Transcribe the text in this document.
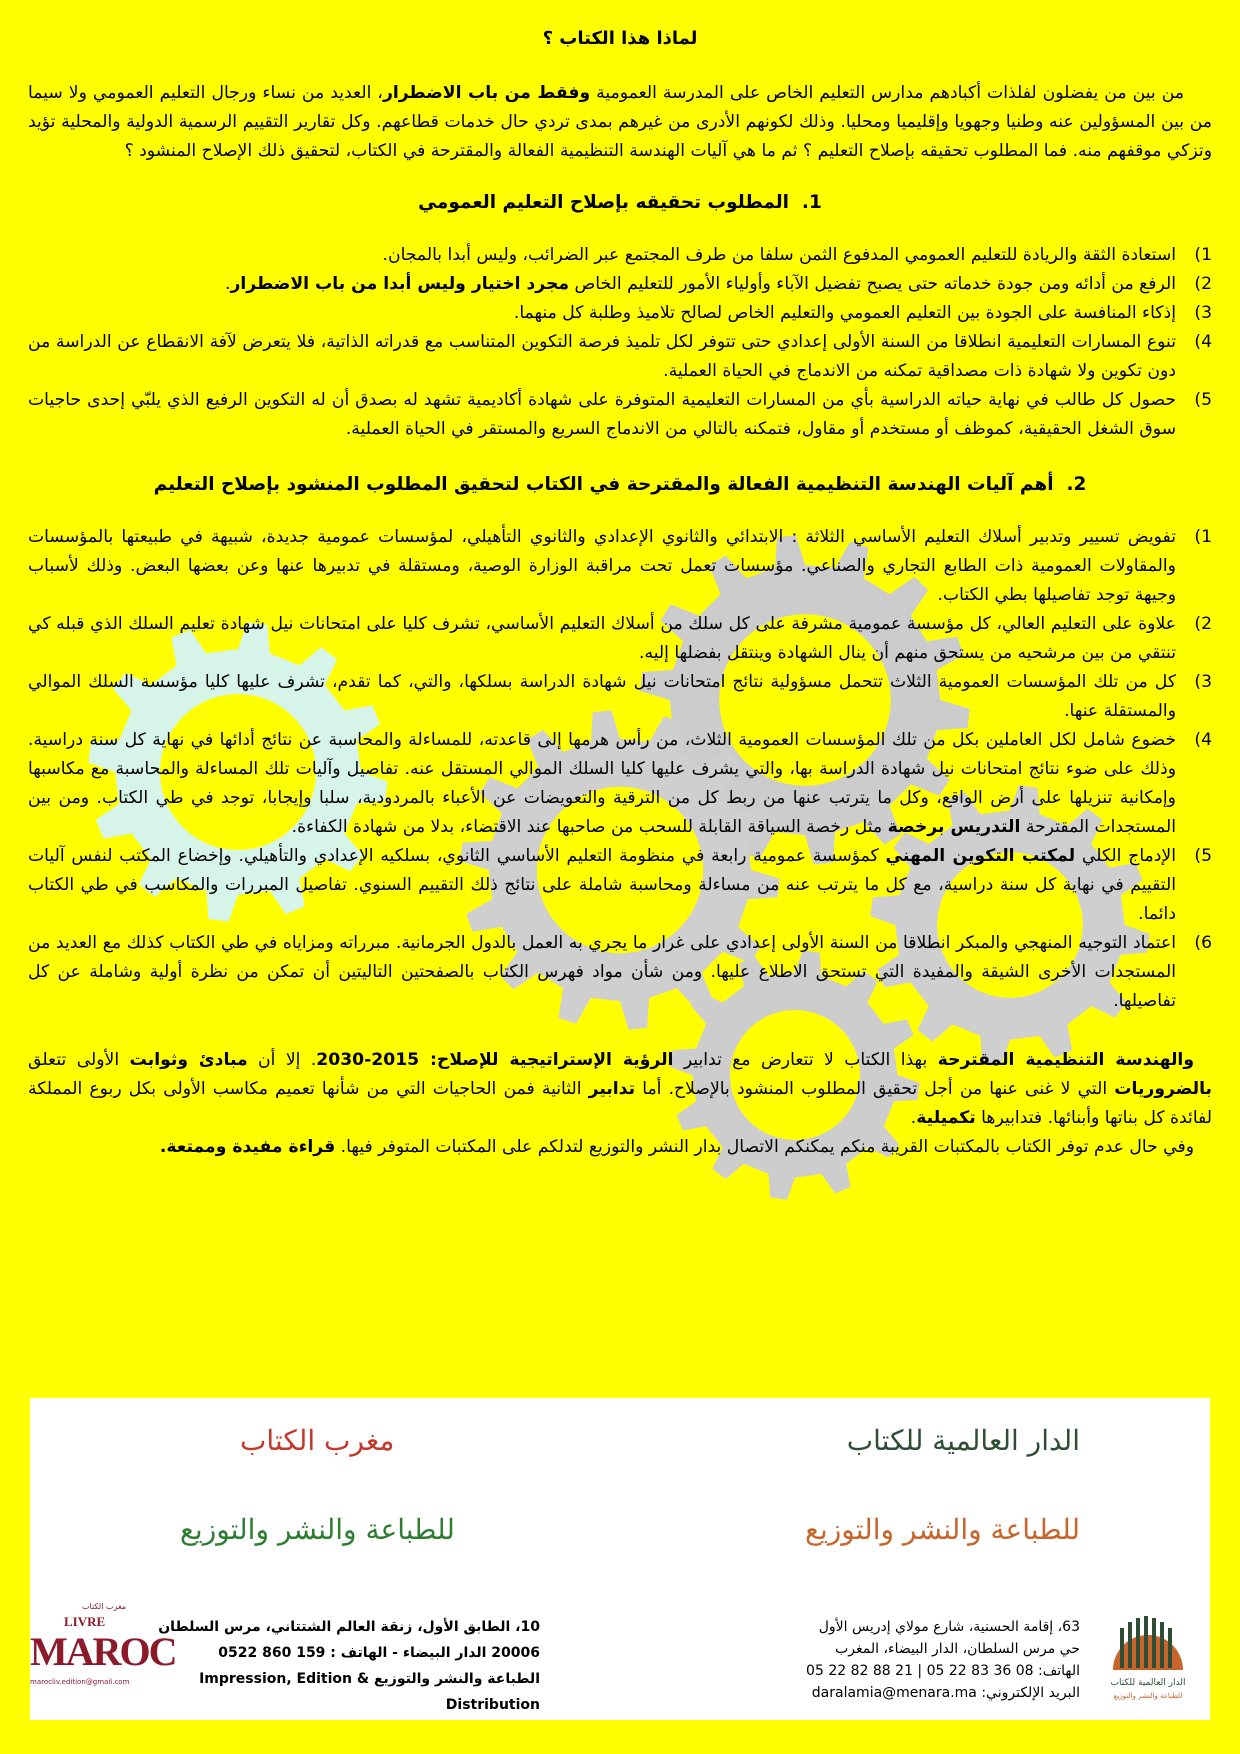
لماذا هذا الكتاب ؟

من بين من يفضلون لفلذات أكبادهم مدارس التعليم الخاص على المدرسة العمومية وفقط من باب الاضطرار، العديد من نساء ورجال التعليم العمومي ولا سيما من بين المسؤولين عنه وطنيا وجهويا وإقليميا ومحليا. وذلك لكونهم الأدرى من غيرهم بمدى تردي حال خدمات قطاعهم. وكل تقارير التقييم الرسمية الدولية والمحلية تؤيد وتزكي موقفهم منه. فما المطلوب تحقيقه بإصلاح التعليم ؟ ثم ما هي آليات الهندسة التنظيمية الفعالة والمقترحة في الكتاب، لتحقيق ذلك الإصلاح المنشود ؟

1.  المطلوب تحقيقه بإصلاح التعليم العمومي

1)
استعادة الثقة والريادة للتعليم العمومي المدفوع الثمن سلفا من طرف المجتمع عبر الضرائب، وليس أبدا بالمجان.
2)
الرفع من أدائه ومن جودة خدماته حتى يصبح تفضيل الآباء وأولياء الأمور للتعليم الخاص مجرد اختيار وليس أبدا من باب الاضطرار.
3)
إذكاء المنافسة على الجودة بين التعليم العمومي والتعليم الخاص لصالح تلاميذ وطلبة كل منهما.
4)
تنوع المسارات التعليمية انطلاقا من السنة الأولى إعدادي حتى تتوفر لكل تلميذ فرصة التكوين المتناسب مع قدراته الذاتية، فلا يتعرض لآفة الانقطاع عن الدراسة من دون تكوين ولا شهادة ذات مصداقية تمكنه من الاندماج في الحياة العملية.
5)
حصول كل طالب في نهاية حياته الدراسية بأي من المسارات التعليمية المتوفرة على شهادة أكاديمية تشهد له بصدق أن له التكوين الرفيع الذي يلبّي إحدى حاجيات سوق الشغل الحقيقية، كموظف أو مستخدم أو مقاول، فتمكنه بالتالي من الاندماج السريع والمستقر في الحياة العملية.

2.  أهم آليات الهندسة التنظيمية الفعالة والمقترحة في الكتاب لتحقيق المطلوب المنشود بإصلاح التعليم

1)
تفويض تسيير وتدبير أسلاك التعليم الأساسي الثلاثة : الابتدائي والثانوي الإعدادي والثانوي التأهيلي، لمؤسسات عمومية جديدة، شبيهة في طبيعتها بالمؤسسات والمقاولات العمومية ذات الطابع التجاري والصناعي. مؤسسات تعمل تحت مراقبة الوزارة الوصية، ومستقلة في تدبيرها عنها وعن بعضها البعض. وذلك لأسباب وجيهة توجد تفاصيلها بطي الكتاب.
2)
علاوة على التعليم العالي، كل مؤسسة عمومية مشرفة على كل سلك من أسلاك التعليم الأساسي، تشرف كليا على امتحانات نيل شهادة تعليم السلك الذي قبله كي تنتقي من بين مرشحيه من يستحق منهم أن ينال الشهادة وينتقل بفضلها إليه.
3)
كل من تلك المؤسسات العمومية الثلاث تتحمل مسؤولية نتائج امتحانات نيل شهادة الدراسة بسلكها، والتي، كما تقدم، تشرف عليها كليا مؤسسة السلك الموالي والمستقلة عنها.
4)
خضوع شامل لكل العاملين بكل من تلك المؤسسات العمومية الثلاث، من رأس هرمها إلى قاعدته، للمساءلة والمحاسبة عن نتائج أدائها في نهاية كل سنة دراسية. وذلك على ضوء نتائج امتحانات نيل شهادة الدراسة بها، والتي يشرف عليها كليا السلك الموالي المستقل عنه. تفاصيل وآليات تلك المساءلة والمحاسبة مع مكاسبها وإمكانية تنزيلها على أرض الواقع، وكل ما يترتب عنها من ربط كل من الترقية والتعويضات عن الأعباء بالمردودية، سلبا وإيجابا، توجد في طي الكتاب. ومن بين المستجدات المقترحة التدريس برخصة مثل رخصة السياقة القابلة للسحب من صاحبها عند الاقتضاء، بدلا من شهادة الكفاءة.
5)
الإدماج الكلي لمكتب التكوين المهني كمؤسسة عمومية رابعة في منظومة التعليم الأساسي الثانوي، بسلكيه الإعدادي والتأهيلي. وإخضاع المكتب لنفس آليات التقييم في نهاية كل سنة دراسية، مع كل ما يترتب عنه من مساءلة ومحاسبة شاملة على نتائج ذلك التقييم السنوي. تفاصيل المبررات والمكاسب في طي الكتاب دائما.
6)
اعتماد التوجيه المنهجي والمبكر انطلاقا من السنة الأولى إعدادي على غرار ما يجري به العمل بالدول الجرمانية. مبرراته ومزاياه في طي الكتاب كذلك مع العديد من المستجدات الأخرى الشيقة والمفيدة التي تستحق الاطلاع عليها. ومن شأن مواد فهرس الكتاب بالصفحتين التاليتين أن تمكن من نظرة أولية وشاملة عن كل تفاصيلها.

والهندسة التنظيمية المقترحة بهذا الكتاب لا تتعارض مع تدابير الرؤية الإستراتيجية للإصلاح: 2015-2030. إلا أن مبادئ وثوابت الأولى تتعلق بالضروريات التي لا غنى عنها من أجل تحقيق المطلوب المنشود بالإصلاح. أما تدابير الثانية فمن الحاجيات التي من شأنها تعميم مكاسب الأولى بكل ربوع المملكة لفائدة كل بناتها وأبنائها. فتدابيرها تكميلية.

وفي حال عدم توفر الكتاب بالمكتبات القريبة منكم يمكنكم الاتصال بدار النشر والتوزيع لتدلكم على المكتبات المتوفر فيها. قراءة مفيدة وممتعة.

الدار العالمية للكتاب
للطباعة والنشر والتوزيع
مغرب الكتاب
للطباعة والنشر والتوزيع
الدار العالمية للكتاب
للطباعة والنشر والتوزيع
63، إقامة الحسنية، شارع مولاي إدريس الأول
حي مرس السلطان، الدار البيضاء، المغرب
الهاتف: 08 36 83 22 05 | 21 88 82 22 05
البريد الإلكتروني: daralamia@menara.ma
مغرب الكتاب
LIVRE
MAROC
marocliv.edition@gmail.com
10، الطابق الأول، زنقة العالم الشتتاني، مرس السلطان
20006 الدار البيضاء - الهاتف : 159 860 0522
الطباعة والنشر والتوزيع Impression, Edition & Distribution
